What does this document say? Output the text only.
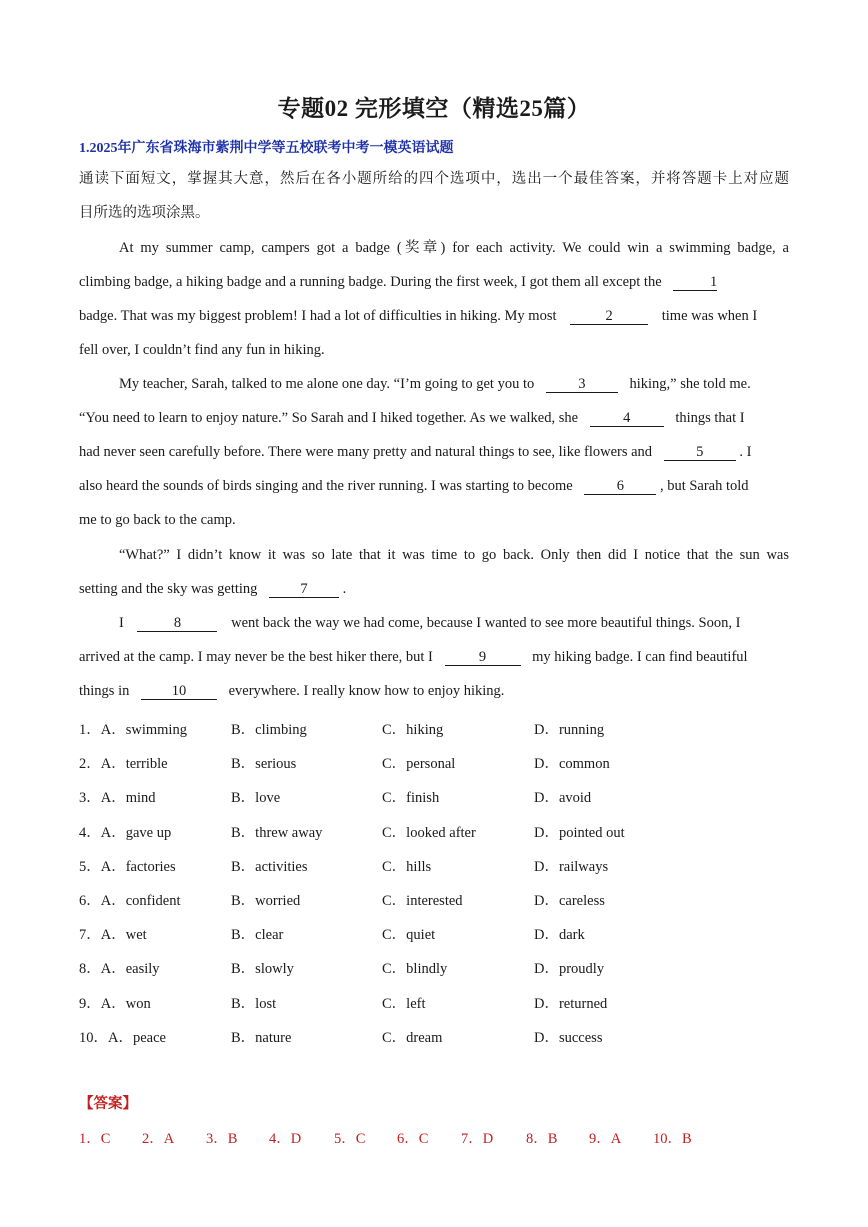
专题02 完形填空（精选25篇）
1.2025年广东省珠海市紫荆中学等五校联考中考一模英语试题
通读下面短文，掌握其大意，然后在各小题所给的四个选项中，选出一个最佳答案，并将答题卡上对应题
目所选的选项涂黑。
At my summer camp, campers got a badge (奖章) for each activity. We could win a swimming badge, a
climbing badge, a hiking badge and a running badge. During the first week, I got them all except the	1
badge. That was my biggest problem! I had a lot of difficulties in hiking. My most	2	time was when I
fell over, I couldn’t find any fun in hiking.
My teacher, Sarah, talked to me alone one day. “I’m going to get you to	3	hiking,” she told me.
“You need to learn to enjoy nature.” So Sarah and I hiked together. As we walked, she	4	things that I
had never seen carefully before. There were many pretty and natural things to see, like flowers and	5 . I
also heard the sounds of birds singing and the river running. I was starting to become	6 , but Sarah told
me to go back to the camp.
“What?” I didn’t know it was so late that it was time to go back. Only then did I notice that the sun was
setting and the sky was getting	7 .
I	8	went back the way we had come, because I wanted to see more beautiful things. Soon, I
arrived at the camp. I may never be the best hiker there, but I	9	my hiking badge. I can find beautiful
things in	10	everywhere. I really know how to enjoy hiking.
1．A．swimming	B．climbing	C．hiking	D．running
2．A．terrible	B．serious	C．personal	D．common
3．A．mind	B．love	C．finish	D．avoid
4．A．gave up	B．threw away	C．looked after	D．pointed out
5．A．factories	B．activities	C．hills	D．railways
6．A．confident	B．worried	C．interested	D．careless
7．A．wet	B．clear	C．quiet	D．dark
8．A．easily	B．slowly	C．blindly	D．proudly
9．A．won	B．lost	C．left	D．returned
10．A．peace	B．nature	C．dream	D．success
【答案】
1．C 2．A 3．B 4．D 5．C 6．C 7．D 8．B 9．A 10．B
